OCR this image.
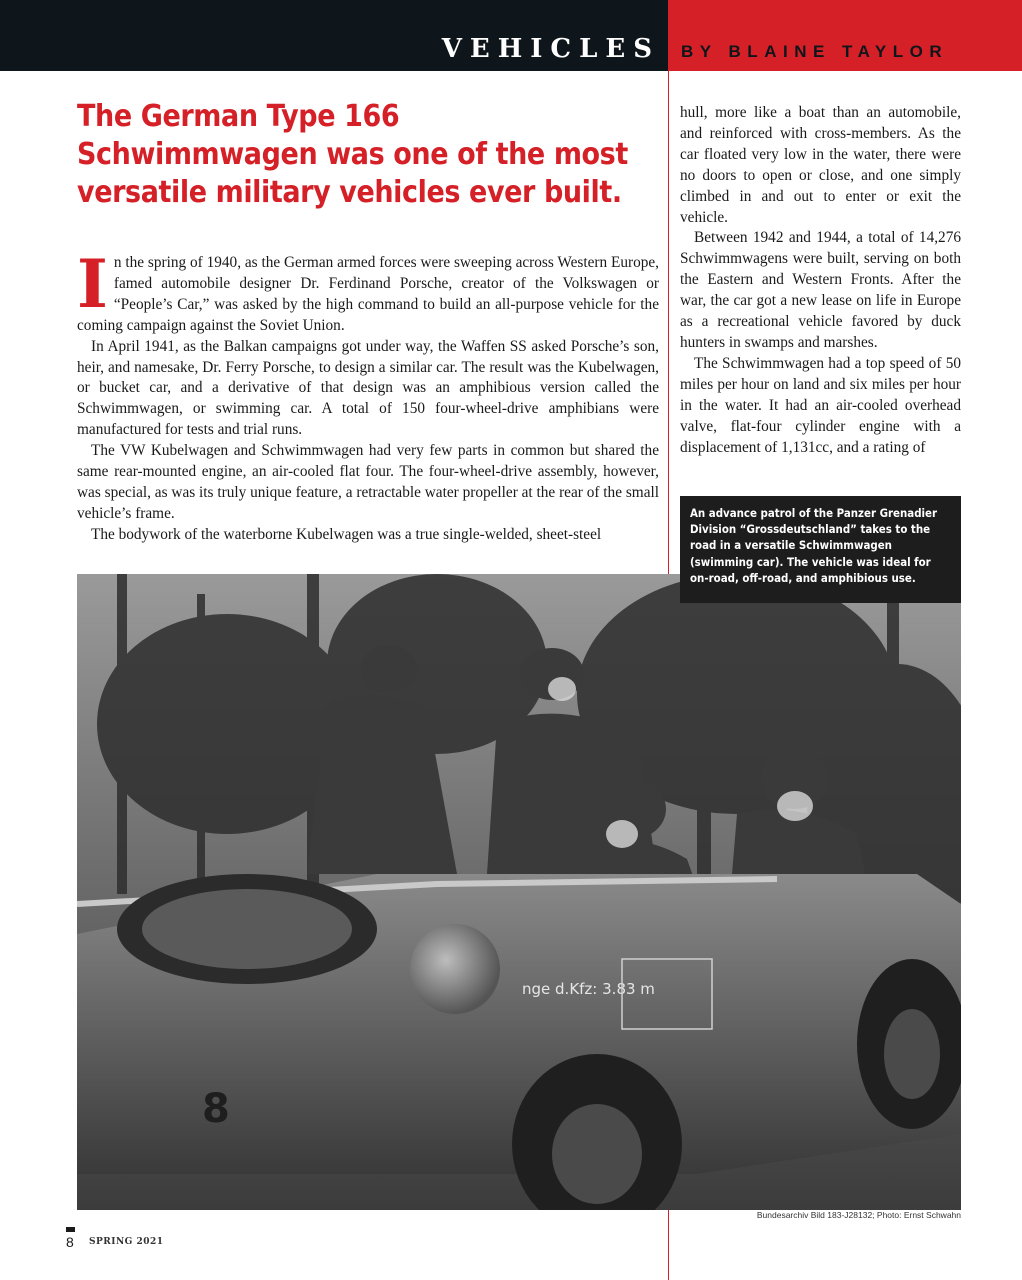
VEHICLES BY BLAINE TAYLOR
The German Type 166 Schwimmwagen was one of the most versatile military vehicles ever built.

In the spring of 1940, as the German armed forces were sweeping across Western Europe, famed automobile designer Dr. Ferdinand Porsche, creator of the Volkswagen or “People’s Car,” was asked by the high command to build an all-purpose vehicle for the coming campaign against the Soviet Union.

In April 1941, as the Balkan campaigns got under way, the Waffen SS asked Porsche’s son, heir, and namesake, Dr. Ferry Porsche, to design a similar car. The result was the Kubelwagen, or bucket car, and a derivative of that design was an amphibious version called the Schwimmwagen, or swimming car. A total of 150 four-wheel-drive amphibians were manufactured for tests and trial runs.

The VW Kubelwagen and Schwimmwagen had very few parts in common but shared the same rear-mounted engine, an air-cooled flat four. The four-wheel-drive assembly, however, was special, as was its truly unique feature, a retractable water propeller at the rear of the small vehicle’s frame.

The bodywork of the waterborne Kubelwagen was a true single-welded, sheet-steel

hull, more like a boat than an automobile, and reinforced with cross-members. As the car floated very low in the water, there were no doors to open or close, and one simply climbed in and out to enter or exit the vehicle.

Between 1942 and 1944, a total of 14,276 Schwimmwagens were built, serving on both the Eastern and Western Fronts. After the war, the car got a new lease on life in Europe as a recreational vehicle favored by duck hunters in swamps and marshes.

The Schwimmwagen had a top speed of 50 miles per hour on land and six miles per hour in the water. It had an air-cooled overhead valve, flat-four cylinder engine with a displacement of 1,131cc, and a rating of

nge d.Kfz: 3.83 m
8
An advance patrol of the Panzer Grenadier Division “Grossdeutschland” takes to the road in a versatile Schwimmwagen (swimming car). The vehicle was ideal for on-road, off-road, and amphibious use.
Bundesarchiv Bild 183-J28132; Photo: Ernst Schwahn
8 SPRING 2021
